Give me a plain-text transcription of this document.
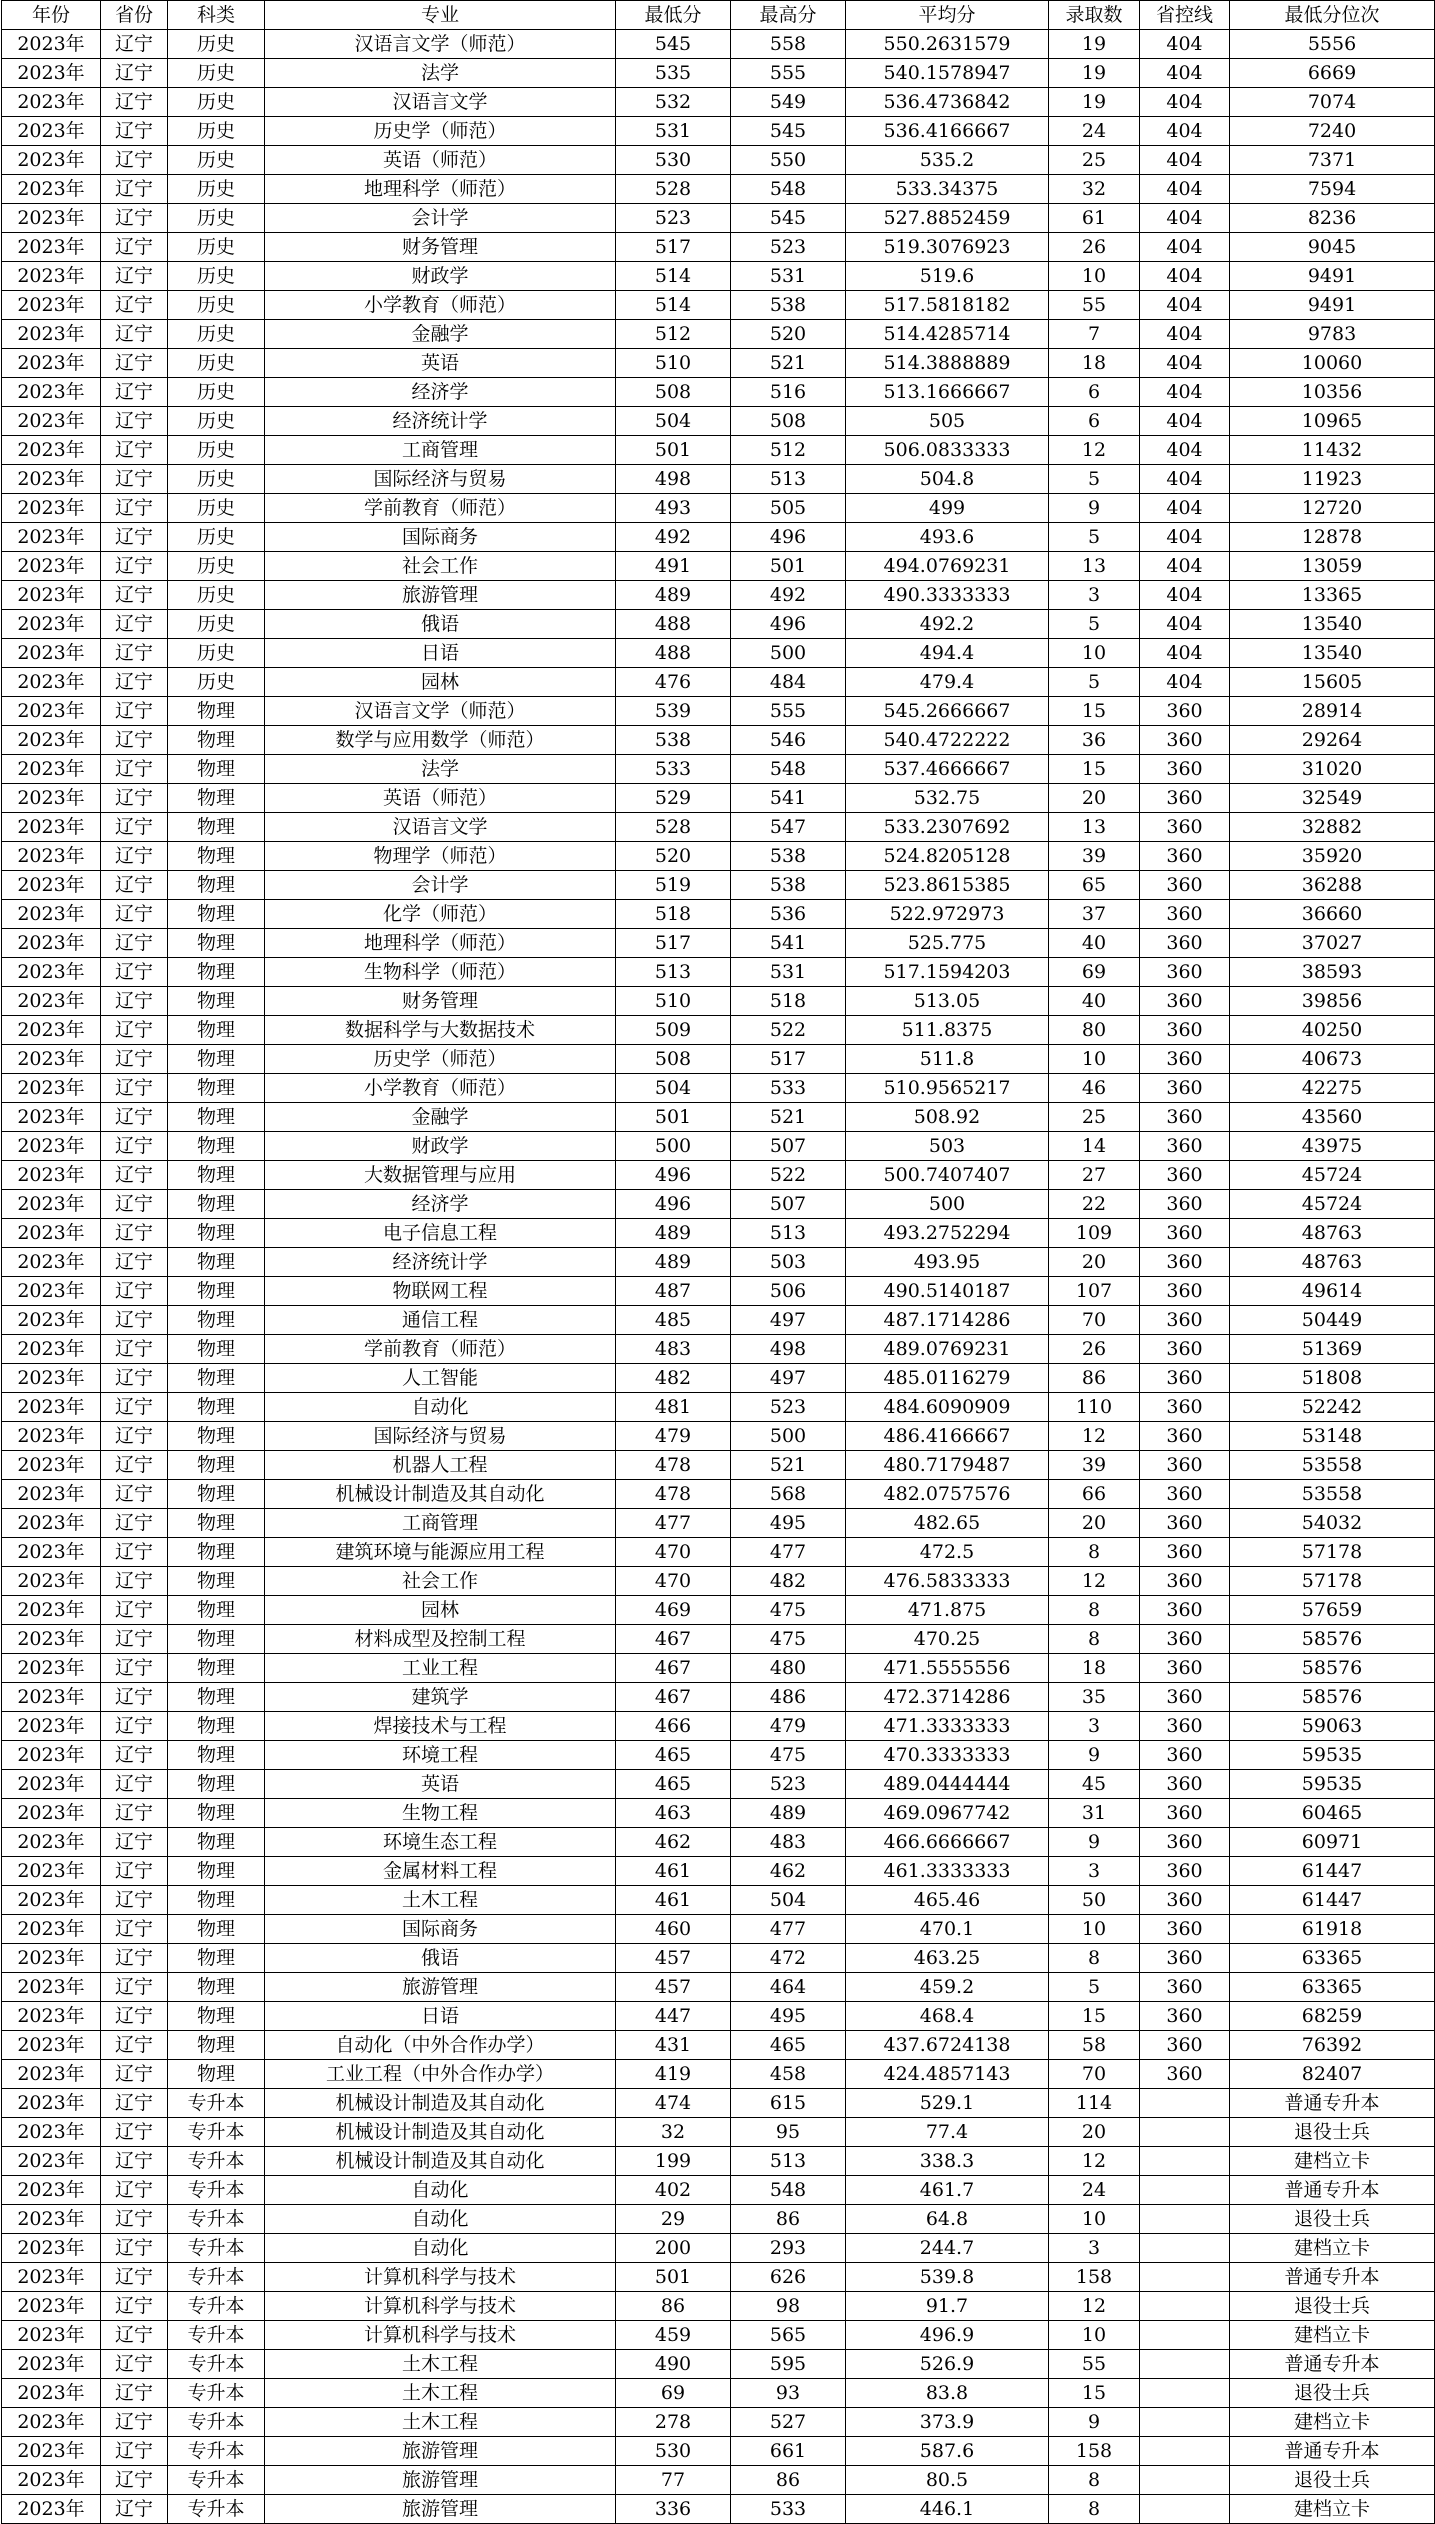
年份	省份	科类	专业	最低分	最高分	平均分	录取数	省控线	最低分位次
2023年	辽宁	历史	汉语言文学（师范）	545	558	550.2631579	19	404	5556
2023年	辽宁	历史	法学	535	555	540.1578947	19	404	6669
2023年	辽宁	历史	汉语言文学	532	549	536.4736842	19	404	7074
2023年	辽宁	历史	历史学（师范）	531	545	536.4166667	24	404	7240
2023年	辽宁	历史	英语（师范）	530	550	535.2	25	404	7371
2023年	辽宁	历史	地理科学（师范）	528	548	533.34375	32	404	7594
2023年	辽宁	历史	会计学	523	545	527.8852459	61	404	8236
2023年	辽宁	历史	财务管理	517	523	519.3076923	26	404	9045
2023年	辽宁	历史	财政学	514	531	519.6	10	404	9491
2023年	辽宁	历史	小学教育（师范）	514	538	517.5818182	55	404	9491
2023年	辽宁	历史	金融学	512	520	514.4285714	7	404	9783
2023年	辽宁	历史	英语	510	521	514.3888889	18	404	10060
2023年	辽宁	历史	经济学	508	516	513.1666667	6	404	10356
2023年	辽宁	历史	经济统计学	504	508	505	6	404	10965
2023年	辽宁	历史	工商管理	501	512	506.0833333	12	404	11432
2023年	辽宁	历史	国际经济与贸易	498	513	504.8	5	404	11923
2023年	辽宁	历史	学前教育（师范）	493	505	499	9	404	12720
2023年	辽宁	历史	国际商务	492	496	493.6	5	404	12878
2023年	辽宁	历史	社会工作	491	501	494.0769231	13	404	13059
2023年	辽宁	历史	旅游管理	489	492	490.3333333	3	404	13365
2023年	辽宁	历史	俄语	488	496	492.2	5	404	13540
2023年	辽宁	历史	日语	488	500	494.4	10	404	13540
2023年	辽宁	历史	园林	476	484	479.4	5	404	15605
2023年	辽宁	物理	汉语言文学（师范）	539	555	545.2666667	15	360	28914
2023年	辽宁	物理	数学与应用数学（师范）	538	546	540.4722222	36	360	29264
2023年	辽宁	物理	法学	533	548	537.4666667	15	360	31020
2023年	辽宁	物理	英语（师范）	529	541	532.75	20	360	32549
2023年	辽宁	物理	汉语言文学	528	547	533.2307692	13	360	32882
2023年	辽宁	物理	物理学（师范）	520	538	524.8205128	39	360	35920
2023年	辽宁	物理	会计学	519	538	523.8615385	65	360	36288
2023年	辽宁	物理	化学（师范）	518	536	522.972973	37	360	36660
2023年	辽宁	物理	地理科学（师范）	517	541	525.775	40	360	37027
2023年	辽宁	物理	生物科学（师范）	513	531	517.1594203	69	360	38593
2023年	辽宁	物理	财务管理	510	518	513.05	40	360	39856
2023年	辽宁	物理	数据科学与大数据技术	509	522	511.8375	80	360	40250
2023年	辽宁	物理	历史学（师范）	508	517	511.8	10	360	40673
2023年	辽宁	物理	小学教育（师范）	504	533	510.9565217	46	360	42275
2023年	辽宁	物理	金融学	501	521	508.92	25	360	43560
2023年	辽宁	物理	财政学	500	507	503	14	360	43975
2023年	辽宁	物理	大数据管理与应用	496	522	500.7407407	27	360	45724
2023年	辽宁	物理	经济学	496	507	500	22	360	45724
2023年	辽宁	物理	电子信息工程	489	513	493.2752294	109	360	48763
2023年	辽宁	物理	经济统计学	489	503	493.95	20	360	48763
2023年	辽宁	物理	物联网工程	487	506	490.5140187	107	360	49614
2023年	辽宁	物理	通信工程	485	497	487.1714286	70	360	50449
2023年	辽宁	物理	学前教育（师范）	483	498	489.0769231	26	360	51369
2023年	辽宁	物理	人工智能	482	497	485.0116279	86	360	51808
2023年	辽宁	物理	自动化	481	523	484.6090909	110	360	52242
2023年	辽宁	物理	国际经济与贸易	479	500	486.4166667	12	360	53148
2023年	辽宁	物理	机器人工程	478	521	480.7179487	39	360	53558
2023年	辽宁	物理	机械设计制造及其自动化	478	568	482.0757576	66	360	53558
2023年	辽宁	物理	工商管理	477	495	482.65	20	360	54032
2023年	辽宁	物理	建筑环境与能源应用工程	470	477	472.5	8	360	57178
2023年	辽宁	物理	社会工作	470	482	476.5833333	12	360	57178
2023年	辽宁	物理	园林	469	475	471.875	8	360	57659
2023年	辽宁	物理	材料成型及控制工程	467	475	470.25	8	360	58576
2023年	辽宁	物理	工业工程	467	480	471.5555556	18	360	58576
2023年	辽宁	物理	建筑学	467	486	472.3714286	35	360	58576
2023年	辽宁	物理	焊接技术与工程	466	479	471.3333333	3	360	59063
2023年	辽宁	物理	环境工程	465	475	470.3333333	9	360	59535
2023年	辽宁	物理	英语	465	523	489.0444444	45	360	59535
2023年	辽宁	物理	生物工程	463	489	469.0967742	31	360	60465
2023年	辽宁	物理	环境生态工程	462	483	466.6666667	9	360	60971
2023年	辽宁	物理	金属材料工程	461	462	461.3333333	3	360	61447
2023年	辽宁	物理	土木工程	461	504	465.46	50	360	61447
2023年	辽宁	物理	国际商务	460	477	470.1	10	360	61918
2023年	辽宁	物理	俄语	457	472	463.25	8	360	63365
2023年	辽宁	物理	旅游管理	457	464	459.2	5	360	63365
2023年	辽宁	物理	日语	447	495	468.4	15	360	68259
2023年	辽宁	物理	自动化（中外合作办学）	431	465	437.6724138	58	360	76392
2023年	辽宁	物理	工业工程（中外合作办学）	419	458	424.4857143	70	360	82407
2023年	辽宁	专升本	机械设计制造及其自动化	474	615	529.1	114		普通专升本
2023年	辽宁	专升本	机械设计制造及其自动化	32	95	77.4	20		退役士兵
2023年	辽宁	专升本	机械设计制造及其自动化	199	513	338.3	12		建档立卡
2023年	辽宁	专升本	自动化	402	548	461.7	24		普通专升本
2023年	辽宁	专升本	自动化	29	86	64.8	10		退役士兵
2023年	辽宁	专升本	自动化	200	293	244.7	3		建档立卡
2023年	辽宁	专升本	计算机科学与技术	501	626	539.8	158		普通专升本
2023年	辽宁	专升本	计算机科学与技术	86	98	91.7	12		退役士兵
2023年	辽宁	专升本	计算机科学与技术	459	565	496.9	10		建档立卡
2023年	辽宁	专升本	土木工程	490	595	526.9	55		普通专升本
2023年	辽宁	专升本	土木工程	69	93	83.8	15		退役士兵
2023年	辽宁	专升本	土木工程	278	527	373.9	9		建档立卡
2023年	辽宁	专升本	旅游管理	530	661	587.6	158		普通专升本
2023年	辽宁	专升本	旅游管理	77	86	80.5	8		退役士兵
2023年	辽宁	专升本	旅游管理	336	533	446.1	8		建档立卡
